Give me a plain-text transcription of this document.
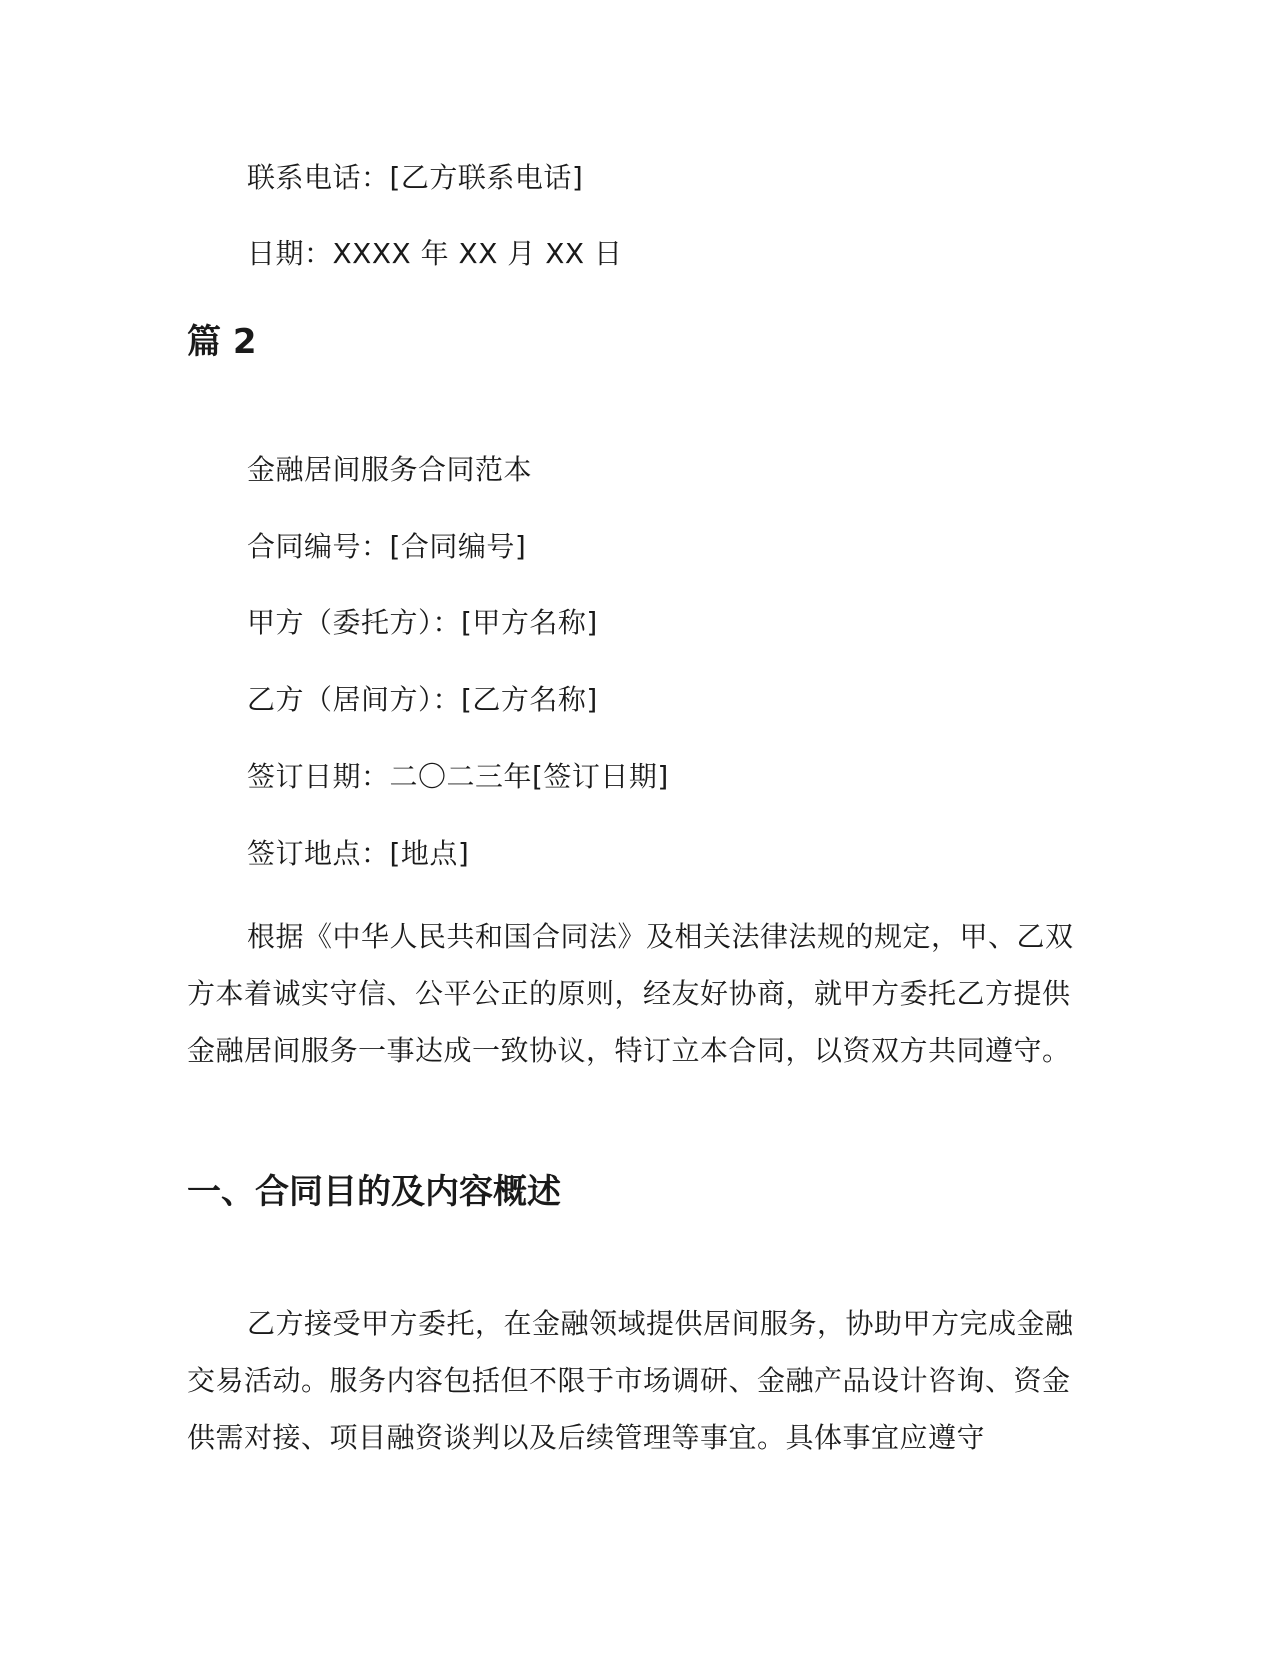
联系电话：[乙方联系电话]
日期：XXXX 年 XX 月 XX 日
篇 2
金融居间服务合同范本
合同编号：[合同编号]
甲方（委托方）：[甲方名称]
乙方（居间方）：[乙方名称]
签订日期：二〇二三年[签订日期]
签订地点：[地点]
根据《中华人民共和国合同法》及相关法律法规的规定，甲、乙双方本着诚实守信、公平公正的原则，经友好协商，就甲方委托乙方提供金融居间服务一事达成一致协议，特订立本合同，以资双方共同遵守。
一、合同目的及内容概述
乙方接受甲方委托，在金融领域提供居间服务，协助甲方完成金融交易活动。服务内容包括但不限于市场调研、金融产品设计咨询、资金供需对接、项目融资谈判以及后续管理等事宜。具体事宜应遵守
